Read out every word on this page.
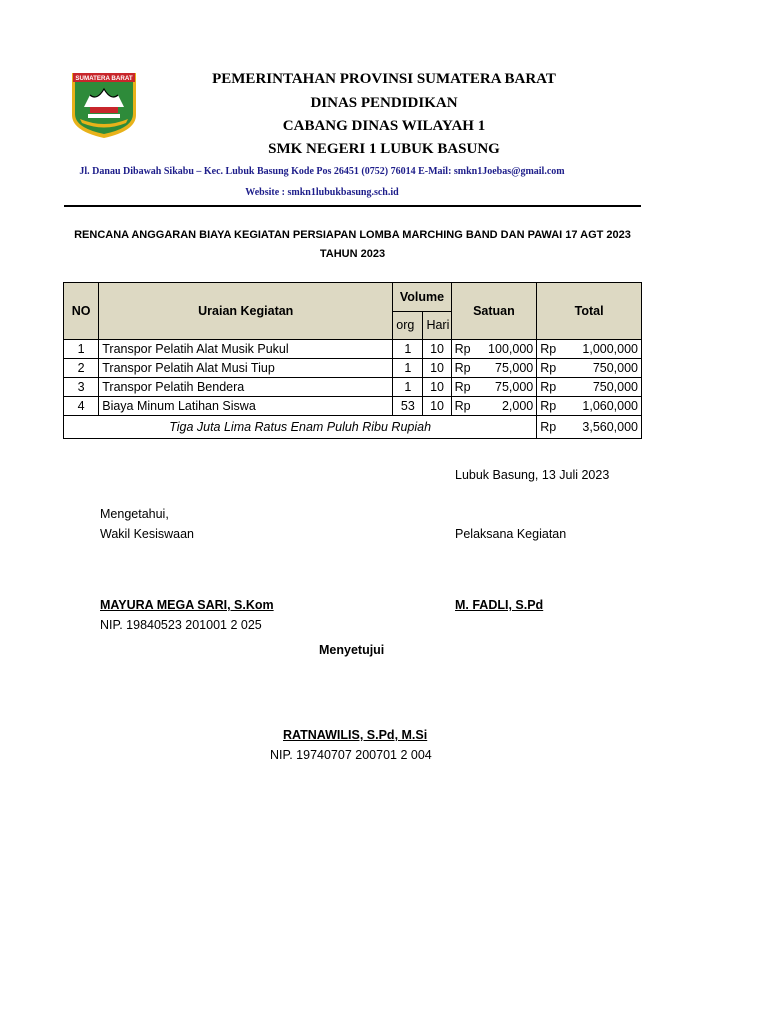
SUMATERA BARAT	PEMERINTAHAN PROVINSI SUMATERA BARAT
DINAS PENDIDIKAN
CABANG DINAS WILAYAH 1
SMK NEGERI 1 LUBUK BASUNG
Jl. Danau Dibawah Sikabu – Kec. Lubuk Basung Kode Pos 26451 (0752) 76014 E-Mail: smkn1Joebas@gmail.com
Website : smkn1lubukbasung.sch.id
RENCANA ANGGARAN BIAYA KEGIATAN PERSIAPAN LOMBA MARCHING BAND DAN PAWAI 17 AGT 2023
TAHUN 2023
NO	Uraian Kegiatan	Volume		Satuan		Total	
		org	Hari				
1	Transpor Pelatih Alat Musik Pukul	1	10	Rp	100,000	Rp	1,000,000
2	Transpor Pelatih Alat Musi Tiup	1	10	Rp	75,000	Rp	750,000
3	Transpor Pelatih Bendera	1	10	Rp	75,000	Rp	750,000
4	Biaya Minum Latihan Siswa	53	10	Rp	2,000	Rp	1,060,000
Tiga Juta Lima Ratus Enam Puluh Ribu Rupiah						Rp	3,560,000
Lubuk Basung, 13 Juli 2023
Mengetahui,
Wakil Kesiswaan	Pelaksana Kegiatan
MAYURA MEGA SARI, S.Kom	M. FADLI, S.Pd
NIP. 19840523 201001 2 025
Menyetujui
RATNAWILIS, S.Pd, M.Si
NIP. 19740707 200701 2 004
